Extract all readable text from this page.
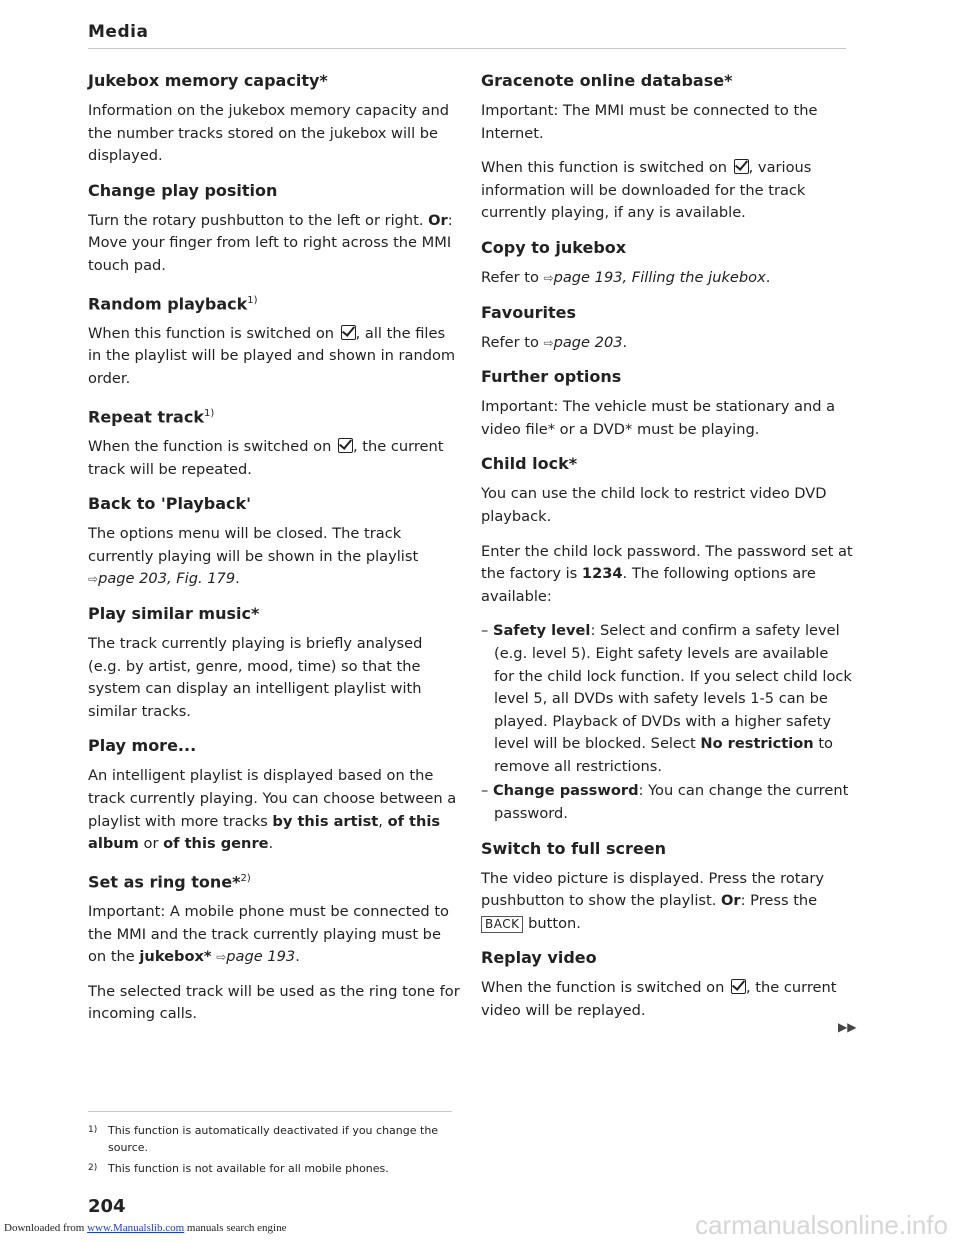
Media
Jukebox memory capacity*

Information on the jukebox memory capacity and the number tracks stored on the jukebox will be displayed.

Change play position

Turn the rotary pushbutton to the left or right. Or: Move your finger from left to right across the MMI touch pad.

Random playback$^{1)}$

When this function is switched on , all the files in the playlist will be played and shown in random order.

Repeat track$^{1)}$

When the function is switched on , the current track will be repeated.

Back to 'Playback'

The options menu will be closed. The track currently playing will be shown in the playlist ⇨page 203, Fig. 179.

Play similar music*

The track currently playing is briefly analysed (e.g. by artist, genre, mood, time) so that the system can display an intelligent playlist with similar tracks.

Play more...

An intelligent playlist is displayed based on the track currently playing. You can choose between a playlist with more tracks by this artist, of this album or of this genre.

Set as ring tone*$^{2)}$

Important: A mobile phone must be connected to the MMI and the track currently playing must be on the jukebox* ⇨page 193.

The selected track will be used as the ring tone for incoming calls.

Gracenote online database*

Important: The MMI must be connected to the Internet.

When this function is switched on , various information will be downloaded for the track currently playing, if any is available.

Copy to jukebox

Refer to ⇨page 193, Filling the jukebox.

Favourites

Refer to ⇨page 203.

Further options

Important: The vehicle must be stationary and a video file* or a DVD* must be playing.

Child lock*

You can use the child lock to restrict video DVD playback.

Enter the child lock password. The password set at the factory is 1234. The following options are available:

– Safety level: Select and confirm a safety level (e.g. level 5). Eight safety levels are available for the child lock function. If you select child lock level 5, all DVDs with safety levels 1-5 can be played. Playback of DVDs with a higher safety level will be blocked. Select No restriction to remove all restrictions.
– Change password: You can change the current password.
Switch to full screen

The video picture is displayed. Press the rotary pushbutton to show the playlist. Or: Press the BACK button.

Replay video

When the function is switched on , the current video will be replayed.

▶▶
1) This function is automatically deactivated if you change the source.
2) This function is not available for all mobile phones.
204
Downloaded from www.Manualslib.com manuals search engine	carmanualsonline.info
